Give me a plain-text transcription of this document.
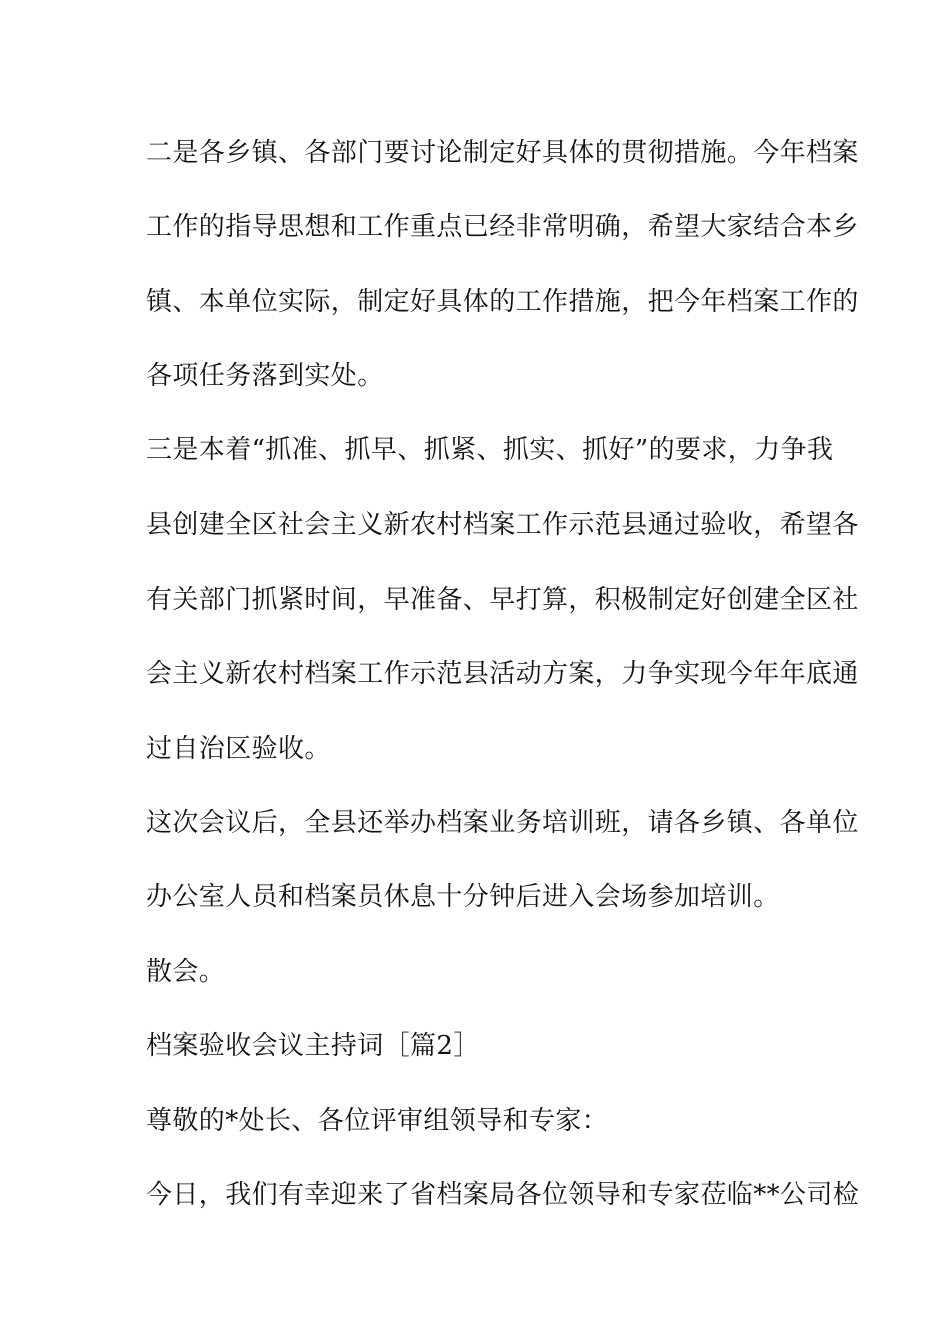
二是各乡镇、各部门要讨论制定好具体的贯彻措施。今年档案
工作的指导思想和工作重点已经非常明确，希望大家结合本乡
镇、本单位实际，制定好具体的工作措施，把今年档案工作的
各项任务落到实处。
三是本着“抓准、抓早、抓紧、抓实、抓好”的要求，力争我
县创建全区社会主义新农村档案工作示范县通过验收，希望各
有关部门抓紧时间，早准备、早打算，积极制定好创建全区社
会主义新农村档案工作示范县活动方案，力争实现今年年底通
过自治区验收。
这次会议后，全县还举办档案业务培训班，请各乡镇、各单位
办公室人员和档案员休息十分钟后进入会场参加培训。
散会。
档案验收会议主持词［篇2］
尊敬的*处长、各位评审组领导和专家：
今日，我们有幸迎来了省档案局各位领导和专家莅临**公司检
